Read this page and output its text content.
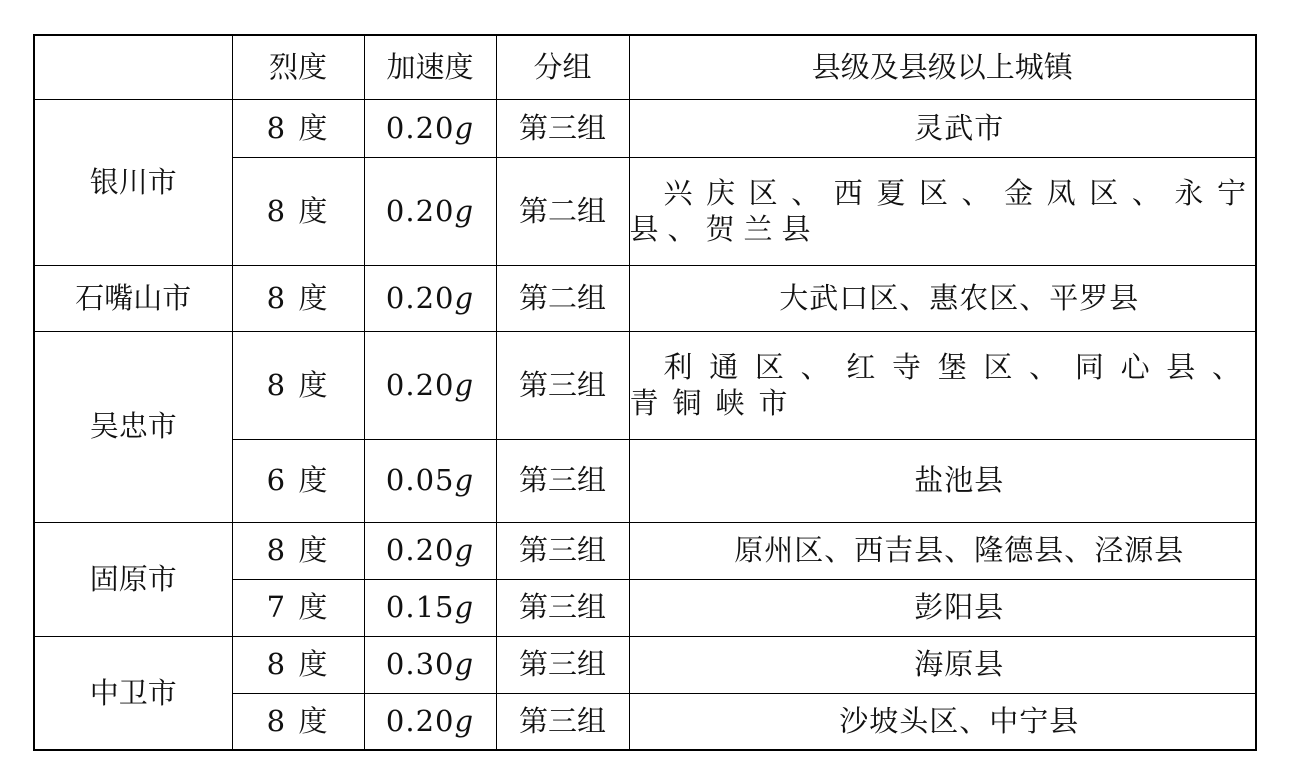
	烈度	加速度	分组	县级及县级以上城镇
银川市	8 度	0.20g	第三组	灵武市
	8 度	0.20g	第二组	兴庆区、西夏区、金凤区、永宁县、贺兰县
石嘴山市	8 度	0.20g	第二组	大武口区、惠农区、平罗县
吴忠市	8 度	0.20g	第三组	利通区、红寺堡区、同心县、青铜峡市
	6 度	0.05g	第三组	盐池县
固原市	8 度	0.20g	第三组	原州区、西吉县、隆德县、泾源县
	7 度	0.15g	第三组	彭阳县
中卫市	8 度	0.30g	第三组	海原县
	8 度	0.20g	第三组	沙坡头区、中宁县
